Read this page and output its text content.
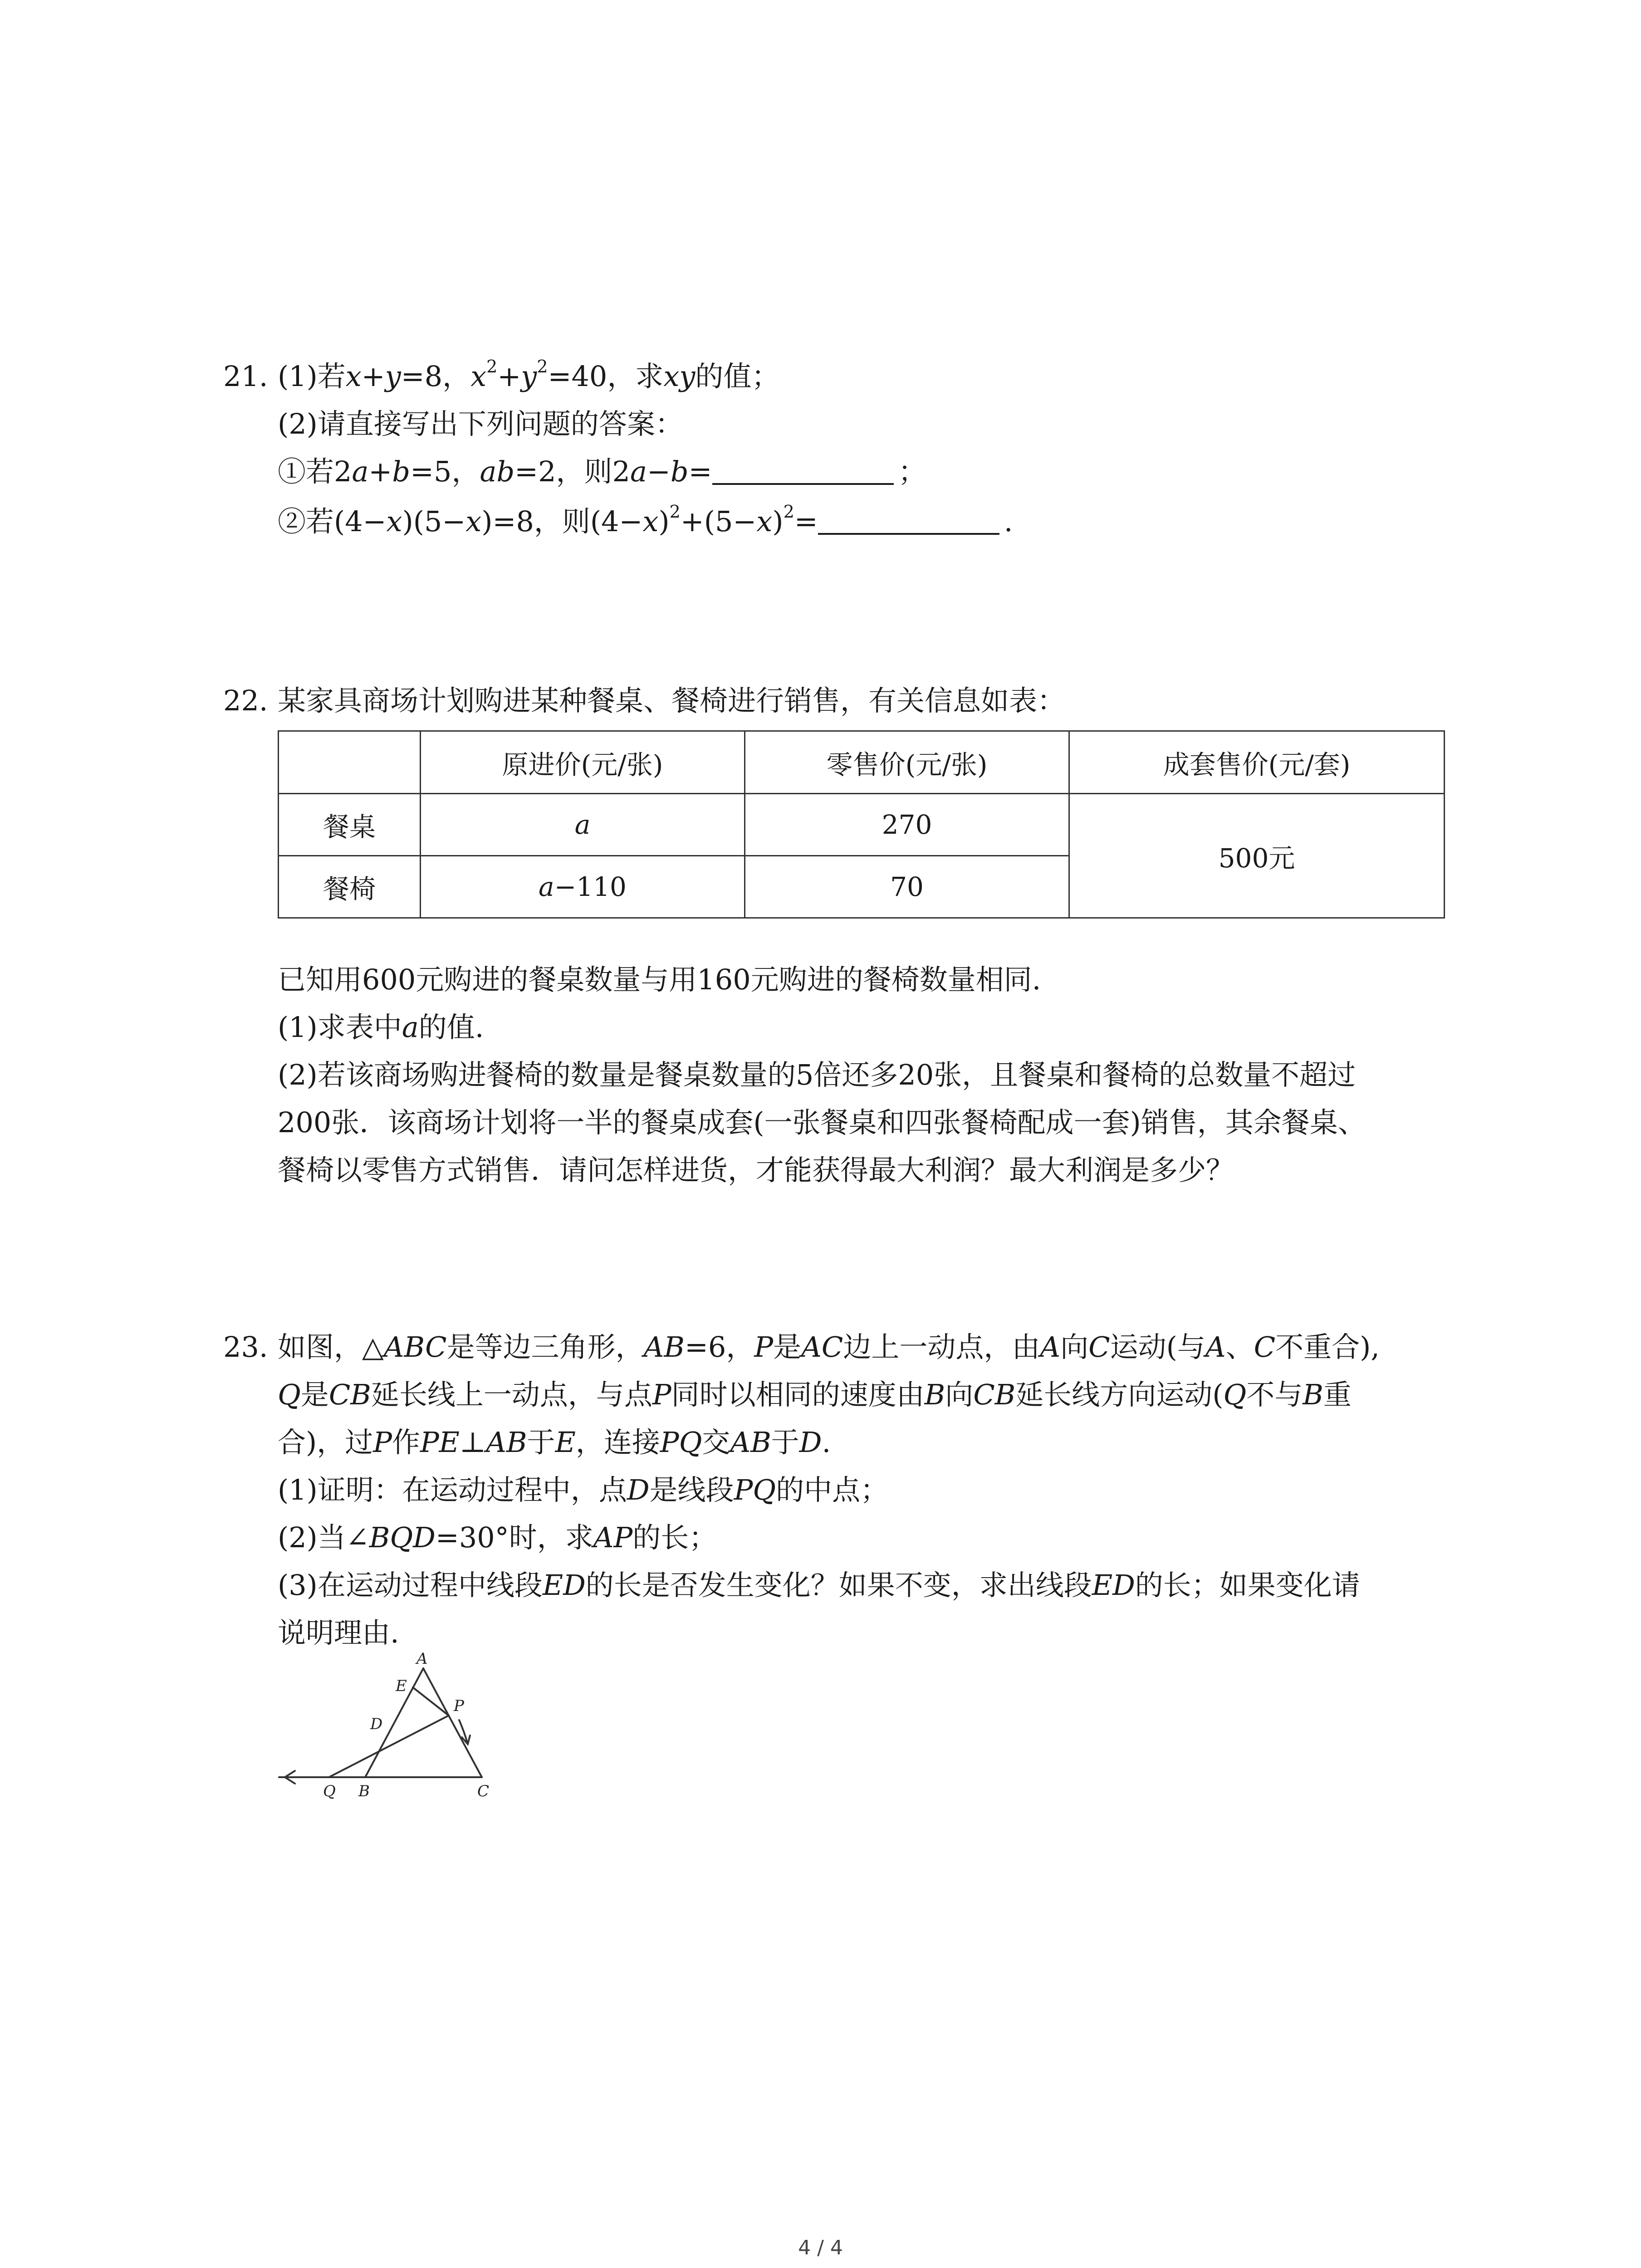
21. (1)若x+y=8，$x^2+y^2=40$，求xy的值；
(2)请直接写出下列问题的答案：
①若2a+b=5，ab=2，则2a−b=	；
②若(4−x)(5−x)=8，则$(4-x)^2+(5-x)^2=$	.
22. 某家具商场计划购进某种餐桌、餐椅进行销售，有关信息如表：
	原进价(元/张)	零售价(元/张)	成套售价(元/套)
餐桌	a	270	500元
餐椅	a−110	70	
已知用600元购进的餐桌数量与用160元购进的餐椅数量相同.
(1)求表中a的值.
(2)若该商场购进餐椅的数量是餐桌数量的5倍还多20张，且餐桌和餐椅的总数量不超过
200张．该商场计划将一半的餐桌成套(一张餐桌和四张餐椅配成一套)销售，其余餐桌、
餐椅以零售方式销售．请问怎样进货，才能获得最大利润？最大利润是多少？
23. 如图，△ABC是等边三角形，AB=6，P是AC边上一动点，由A向C运动(与A、C不重合),
Q是CB延长线上一动点，与点P同时以相同的速度由B向CB延长线方向运动(Q不与B重
合)，过P作PE⊥AB于E，连接PQ交AB于D.
(1)证明：在运动过程中，点D是线段PQ的中点；
(2)当∠BQD=30°时，求AP的长；
(3)在运动过程中线段ED的长是否发生变化？如果不变，求出线段ED的长；如果变化请
说明理由.
A
E
P
D
Q B	C
4 / 4
